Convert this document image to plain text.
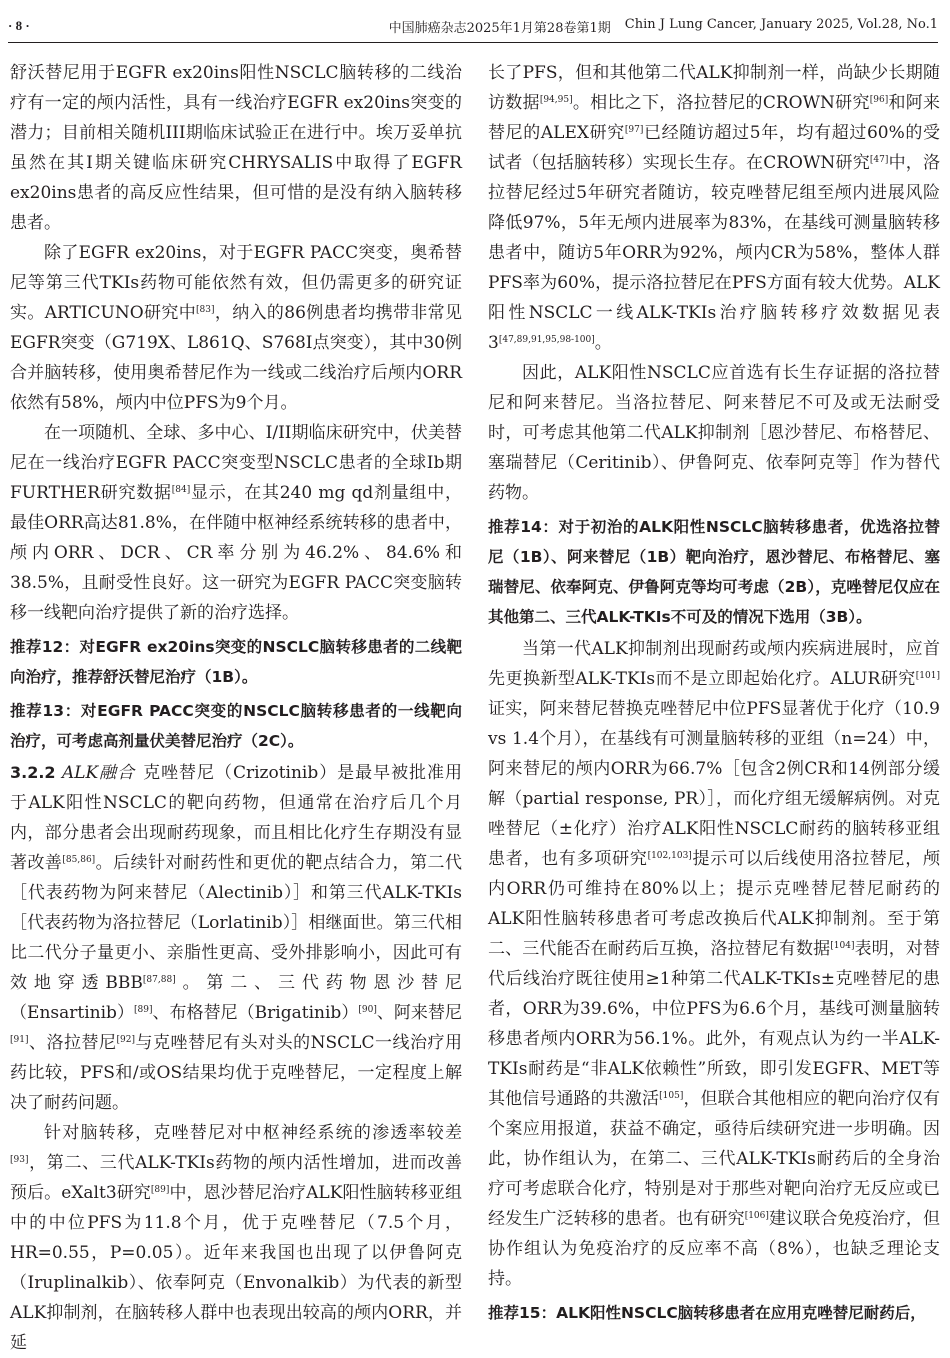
· 8 ·	中国肺癌杂志2025年1月第28卷第1期 Chin J Lung Cancer, January 2025, Vol.28, No.1

舒沃替尼用于EGFR ex20ins阳性NSCLC脑转移的二线治疗有一定的颅内活性，具有一线治疗EGFR ex20ins突变的潜力；目前相关随机III期临床试验正在进行中。埃万妥单抗虽然在其I期关键临床研究CHRYSALIS中取得了EGFR ex20ins患者的高反应性结果，但可惜的是没有纳入脑转移患者。

除了EGFR ex20ins，对于EGFR PACC突变，奥希替尼等第三代TKIs药物可能依然有效，但仍需更多的研究证实。ARTICUNO研究中[83]，纳入的86例患者均携带非常见EGFR突变（G719X、L861Q、S768I点突变），其中30例合并脑转移，使用奥希替尼作为一线或二线治疗后颅内ORR依然有58%，颅内中位PFS为9个月。

在一项随机、全球、多中心、I/II期临床研究中，伏美替尼在一线治疗EGFR PACC突变型NSCLC患者的全球Ib期FURTHER研究数据[84]显示，在其240 mg qd剂量组中，最佳ORR高达81.8%，在伴随中枢神经系统转移的患者中，颅内ORR、DCR、CR率分别为46.2%、84.6%和38.5%，且耐受性良好。这一研究为EGFR PACC突变脑转移一线靶向治疗提供了新的治疗选择。

推荐12：对EGFR ex20ins突变的NSCLC脑转移患者的二线靶向治疗，推荐舒沃替尼治疗（1B）。

推荐13：对EGFR PACC突变的NSCLC脑转移患者的一线靶向治疗，可考虑高剂量伏美替尼治疗（2C）。

3.2.2 ALK融合 克唑替尼（Crizotinib）是最早被批准用于ALK阳性NSCLC的靶向药物，但通常在治疗后几个月内，部分患者会出现耐药现象，而且相比化疗生存期没有显著改善[85,86]。后续针对耐药性和更优的靶点结合力，第二代［代表药物为阿来替尼（Alectinib）］和第三代ALK-TKIs［代表药物为洛拉替尼（Lorlatinib）］相继面世。第三代相比二代分子量更小、亲脂性更高、受外排影响小，因此可有效地穿透BBB[87,88]。第二、三代药物恩沙替尼（Ensartinib）[89]、布格替尼（Brigatinib）[90]、阿来替尼[91]、洛拉替尼[92]与克唑替尼有头对头的NSCLC一线治疗用药比较，PFS和/或OS结果均优于克唑替尼，一定程度上解决了耐药问题。

针对脑转移，克唑替尼对中枢神经系统的渗透率较差[93]，第二、三代ALK-TKIs药物的颅内活性增加，进而改善预后。eXalt3研究[89]中，恩沙替尼治疗ALK阳性脑转移亚组中的中位PFS为11.8个月，优于克唑替尼（7.5个月，HR=0.55，P=0.05）。近年来我国也出现了以伊鲁阿克（Iruplinalkib）、依奉阿克（Envonalkib）为代表的新型ALK抑制剂，在脑转移人群中也表现出较高的颅内ORR，并延

长了PFS，但和其他第二代ALK抑制剂一样，尚缺少长期随访数据[94,95]。相比之下，洛拉替尼的CROWN研究[96]和阿来替尼的ALEX研究[97]已经随访超过5年，均有超过60%的受试者（包括脑转移）实现长生存。在CROWN研究[47]中，洛拉替尼经过5年研究者随访，较克唑替尼组至颅内进展风险降低97%，5年无颅内进展率为83%，在基线可测量脑转移患者中，随访5年ORR为92%，颅内CR为58%，整体人群PFS率为60%，提示洛拉替尼在PFS方面有较大优势。ALK阳性NSCLC一线ALK-TKIs治疗脑转移疗效数据见表3[47,89,91,95,98-100]。

因此，ALK阳性NSCLC应首选有长生存证据的洛拉替尼和阿来替尼。当洛拉替尼、阿来替尼不可及或无法耐受时，可考虑其他第二代ALK抑制剂［恩沙替尼、布格替尼、塞瑞替尼（Ceritinib）、伊鲁阿克、依奉阿克等］作为替代药物。

推荐14：对于初治的ALK阳性NSCLC脑转移患者，优选洛拉替尼（1B）、阿来替尼（1B）靶向治疗，恩沙替尼、布格替尼、塞瑞替尼、依奉阿克、伊鲁阿克等均可考虑（2B），克唑替尼仅应在其他第二、三代ALK-TKIs不可及的情况下选用（3B）。

当第一代ALK抑制剂出现耐药或颅内疾病进展时，应首先更换新型ALK-TKIs而不是立即起始化疗。ALUR研究[101]证实，阿来替尼替换克唑替尼中位PFS显著优于化疗（10.9 vs 1.4个月），在基线有可测量脑转移的亚组（n=24）中，阿来替尼的颅内ORR为66.7%［包含2例CR和14例部分缓解（partial response, PR）］，而化疗组无缓解病例。对克唑替尼（±化疗）治疗ALK阳性NSCLC耐药的脑转移亚组患者，也有多项研究[102,103]提示可以后线使用洛拉替尼，颅内ORR仍可维持在80%以上；提示克唑替尼替尼耐药的ALK阳性脑转移患者可考虑改换后代ALK抑制剂。至于第二、三代能否在耐药后互换，洛拉替尼有数据[104]表明，对替代后线治疗既往使用≥1种第二代ALK-TKIs±克唑替尼的患者，ORR为39.6%，中位PFS为6.6个月，基线可测量脑转移患者颅内ORR为56.1%。此外，有观点认为约一半ALK-TKIs耐药是“非ALK依赖性”所致，即引发EGFR、MET等其他信号通路的共激活[105]，但联合其他相应的靶向治疗仅有个案应用报道，获益不确定，亟待后续研究进一步明确。因此，协作组认为，在第二、三代ALK-TKIs耐药后的全身治疗可考虑联合化疗，特别是对于那些对靶向治疗无反应或已经发生广泛转移的患者。也有研究[106]建议联合免疫治疗，但协作组认为免疫治疗的反应率不高（8%），也缺乏理论支持。

推荐15：ALK阳性NSCLC脑转移患者在应用克唑替尼耐药后，
